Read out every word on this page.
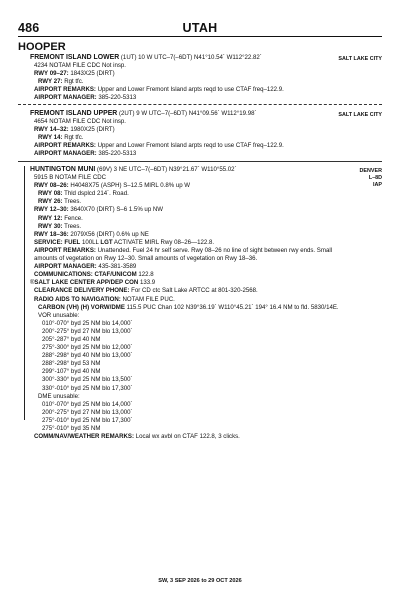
486	UTAH
HOOPER
SALT LAKE CITY
FREMONT ISLAND LOWER (1UT) 10 W UTC–7(–6DT) N41°10.54´ W112°22.82´
4234 NOTAM FILE CDC Not insp.
RWY 09–27: 1843X25 (DIRT)
RWY 27: Rgt tfc.
AIRPORT REMARKS: Upper and Lower Fremont Island arpts reqd to use CTAF freq–122.9.
AIRPORT MANAGER: 385-220-5313
SALT LAKE CITY
FREMONT ISLAND UPPER (2UT) 9 W UTC–7(–6DT) N41°09.56´ W112°19.98´
4654 NOTAM FILE CDC Not insp.
RWY 14–32: 1980X25 (DIRT)
RWY 14: Rgt tfc.
AIRPORT REMARKS: Upper and Lower Fremont Island arpts reqd to use CTAF freq–122.9.
AIRPORT MANAGER: 385-220-5313
DENVER
L–8D
IAP
HUNTINGTON MUNI (69V) 3 NE UTC–7(–6DT) N39°21.67´ W110°55.02´
5915 B NOTAM FILE CDC
RWY 08–26: H4048X75 (ASPH) S–12.5 MIRL 0.8% up W
RWY 08: Thld dsplcd 214´. Road.
RWY 26: Trees.
RWY 12–30: 3640X70 (DIRT) S–6 1.5% up NW
RWY 12: Fence.
RWY 30: Trees.
RWY 18–36: 2079X56 (DIRT) 0.6% up NE
SERVICE: FUEL 100LL LGT ACTIVATE MIRL Rwy 08–26—122.8.
AIRPORT REMARKS: Unattended. Fuel 24 hr self serve. Rwy 08–26 no line of sight between rwy ends. Small amounts of vegetation on Rwy 12–30. Small amounts of vegetation on Rwy 18–36.
AIRPORT MANAGER: 435-381-3589
COMMUNICATIONS: CTAF/UNICOM 122.8
®SALT LAKE CENTER APP/DEP CON 133.9
CLEARANCE DELIVERY PHONE: For CD ctc Salt Lake ARTCC at 801-320-2568.
RADIO AIDS TO NAVIGATION: NOTAM FILE PUC.
CARBON (VH) (H) VORW/DME 115.5 PUC Chan 102 N39°36.19´ W110°45.21´ 194° 16.4 NM to fld. 5830/14E.
VOR unusable:
010°-070° byd 25 NM blo 14,000´
200°-275° byd 27 NM blo 13,000´
205°-287° byd 40 NM
275°-300° byd 25 NM blo 12,000´
288°-298° byd 40 NM blo 13,000´
288°-298° byd 53 NM
299°-107° byd 40 NM
300°-330° byd 25 NM blo 13,500´
330°-010° byd 25 NM blo 17,300´
DME unusable:
010°-070° byd 25 NM blo 14,000´
200°-275° byd 27 NM blo 13,000´
275°-010° byd 25 NM blo 17,300´
275°-010° byd 35 NM
COMM/NAV/WEATHER REMARKS: Local wx avbl on CTAF 122.8, 3 clicks.
SW, 3 SEP 2026 to 29 OCT 2026
